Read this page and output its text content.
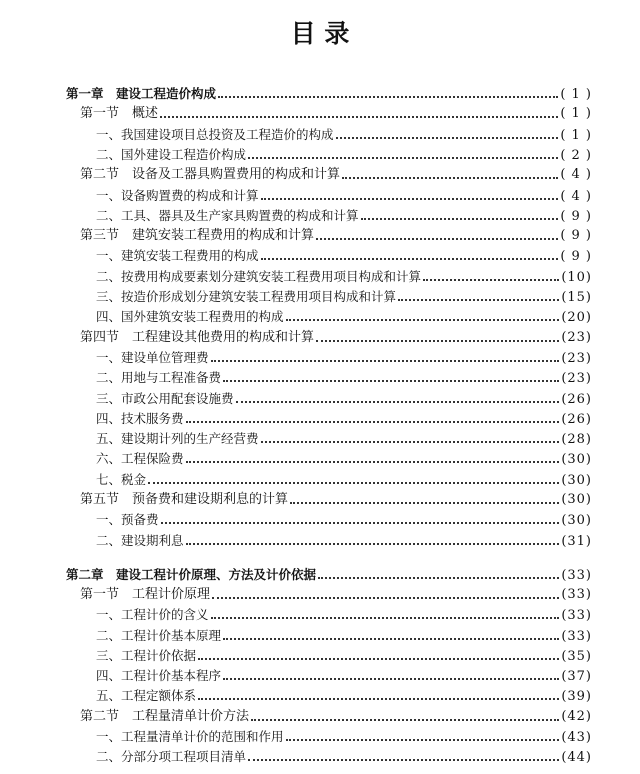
目 录
第一章　建设工程造价构成	( 1 )
第一节　概述	( 1 )
一、我国建设项目总投资及工程造价的构成	( 1 )
二、国外建设工程造价构成	( 2 )
第二节　设备及工器具购置费用的构成和计算	( 4 )
一、设备购置费的构成和计算	( 4 )
二、工具、器具及生产家具购置费的构成和计算	( 9 )
第三节　建筑安装工程费用的构成和计算	( 9 )
一、建筑安装工程费用的构成	( 9 )
二、按费用构成要素划分建筑安装工程费用项目构成和计算	(10)
三、按造价形成划分建筑安装工程费用项目构成和计算	(15)
四、国外建筑安装工程费用的构成	(20)
第四节　工程建设其他费用的构成和计算	(23)
一、建设单位管理费	(23)
二、用地与工程准备费	(23)
三、市政公用配套设施费	(26)
四、技术服务费	(26)
五、建设期计列的生产经营费	(28)
六、工程保险费	(30)
七、税金	(30)
第五节　预备费和建设期利息的计算	(30)
一、预备费	(30)
二、建设期利息	(31)
第二章　建设工程计价原理、方法及计价依据	(33)
第一节　工程计价原理	(33)
一、工程计价的含义	(33)
二、工程计价基本原理	(33)
三、工程计价依据	(35)
四、工程计价基本程序	(37)
五、工程定额体系	(39)
第二节　工程量清单计价方法	(42)
一、工程量清单计价的范围和作用	(43)
二、分部分项工程项目清单	(44)
